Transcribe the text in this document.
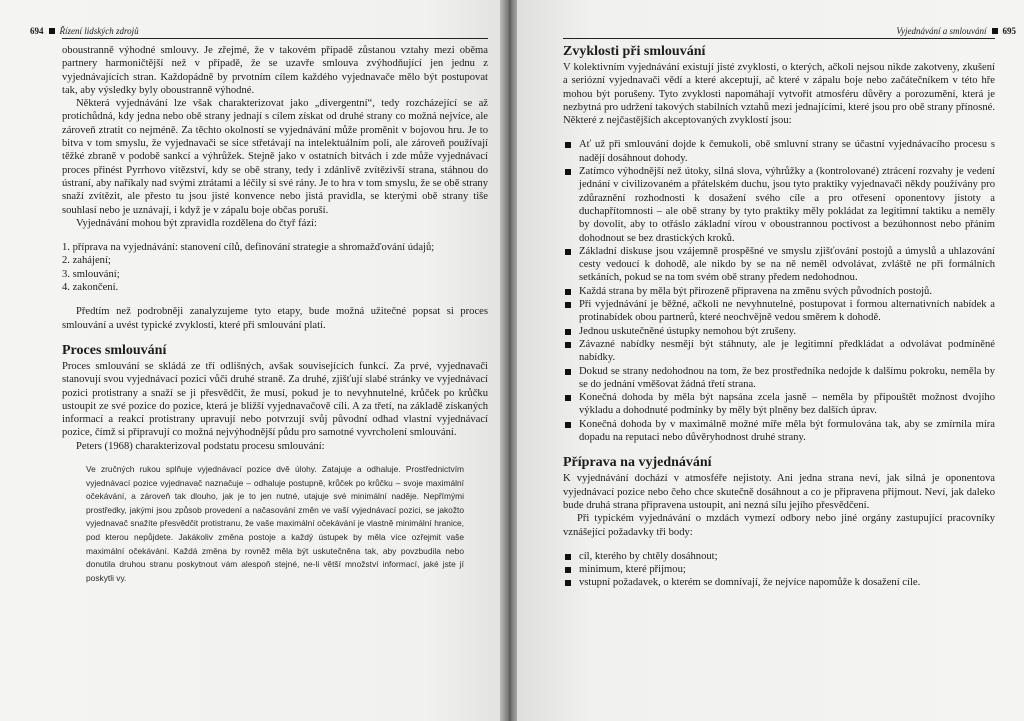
694 Řízení lidských zdrojů

oboustranně výhodné smlouvy. Je zřejmé, že v takovém případě zůstanou vztahy mezi oběma partnery harmoničtější než v případě, že se uzavře smlouva zvýhodňující jen jednu z vyjednávajících stran. Každopádně by prvotním cílem každého vyjednavače mělo být postupovat tak, aby výsledky byly oboustranně výhodné.

Některá vyjednávání lze však charakterizovat jako „divergentní“, tedy rozcházející se až protichůdná, kdy jedna nebo obě strany jednají s cílem získat od druhé strany co možná nejvíce, ale zároveň ztratit co nejméně. Za těchto okolností se vyjednávání může proměnit v bojovou hru. Je to bitva v tom smyslu, že vyjednavači se sice střetávají na intelektuálním poli, ale zároveň používají těžké zbraně v podobě sankcí a výhrůžek. Stejně jako v ostatních bitvách i zde může vyjednávací proces přinést Pyrrhovo vítězství, kdy se obě strany, tedy i zdánlivě zvítězivší strana, stáhnou do ústraní, aby naříkaly nad svými ztrátami a léčily si své rány. Je to hra v tom smyslu, že se obě strany snaží zvítězit, ale přesto tu jsou jisté konvence nebo jistá pravidla, se kterými obě strany tiše souhlasí nebo je uznávají, i když je v zápalu boje občas poruší.

Vyjednávání mohou být zpravidla rozdělena do čtyř fází:

1. příprava na vyjednávání: stanovení cílů, definování strategie a shromažďování údajů;
2. zahájení;
3. smlouvání;
4. zakončení.

Předtím než podrobněji zanalyzujeme tyto etapy, bude možná užitečné popsat si proces smlouvání a uvést typické zvyklosti, které při smlouvání platí.

Proces smlouvání

Proces smlouvání se skládá ze tří odlišných, avšak souvisejících funkcí. Za prvé, vyjednavači stanovují svou vyjednávací pozici vůči druhé straně. Za druhé, zjišťují slabé stránky ve vyjednávací pozici protistrany a snaží se ji přesvědčit, že musí, pokud je to nevyhnutelné, krůček po krůčku ustoupit ze své pozice do pozice, která je bližší vyjednavačově cíli. A za třetí, na základě získaných informací a reakcí protistrany upravují nebo potvrzují svůj původní odhad vlastní vyjednávací pozice, čímž si připravují co možná nejvýhodnější půdu pro samotné vyvrcholení smlouvání.

Peters (1968) charakterizoval podstatu procesu smlouvání:

Ve zručných rukou splňuje vyjednávací pozice dvě úlohy. Zatajuje a odhaluje. Prostřednictvím vyjednávací pozice vyjednavač naznačuje – odhaluje postupně, krůček po krůčku – svoje maximální očekávání, a zároveň tak dlouho, jak je to jen nutné, utajuje své minimální naděje. Nepřímými prostředky, jakými jsou způsob provedení a načasování změn ve vaší vyjednávací pozici, se jakožto vyjednavač snažíte přesvědčit protistranu, že vaše maximální očekávání je vlastně minimální hranice, pod kterou nepůjdete. Jakákoliv změna postoje a každý ústupek by měla více ozřejmit vaše maximální očekávání. Každá změna by rovněž měla být uskutečněna tak, aby povzbudila nebo donutila druhou stranu poskytnout vám alespoň stejné, ne-li větší množství informací, jaké jste jí poskytli vy.
Vyjednávání a smlouvání 695
Zvyklosti při smlouvání

V kolektivním vyjednávání existují jisté zvyklosti, o kterých, ačkoli nejsou nikde zakotveny, zkušení a seriózní vyjednavači vědí a které akceptují, ač které v zápalu boje nebo začátečníkem v této hře mohou být porušeny. Tyto zvyklosti napomáhají vytvořit atmosféru důvěry a porozumění, která je nezbytná pro udržení takových stabilních vztahů mezi jednajícími, které jsou pro obě strany přínosné. Některé z nejčastějších akceptovaných zvyklostí jsou:

Ať už při smlouvání dojde k čemukoli, obě smluvní strany se účastní vyjednávacího procesu s nadějí dosáhnout dohody.
Zatímco výhodnější než útoky, silná slova, výhrůžky a (kontrolované) ztrácení rozvahy je vedení jednání v civilizovaném a přátelském duchu, jsou tyto praktiky vyjednavači někdy používány pro zdůraznění rozhodnosti k dosažení svého cíle a pro otřesení oponentovy jistoty a duchapřítomnosti – ale obě strany by tyto praktiky měly pokládat za legitimní taktiku a neměly by dovolit, aby to otřáslo základní vírou v oboustrannou poctivost a bezúhonnost nebo přáním dohodnout se bez drastických kroků.
Základní diskuse jsou vzájemně prospěšné ve smyslu zjišťování postojů a úmyslů a uhlazování cesty vedoucí k dohodě, ale nikdo by se na ně neměl odvolávat, zvláště ne při formálních setkáních, pokud se na tom svém obě strany předem nedohodnou.
Každá strana by měla být přirozeně připravena na změnu svých původních postojů.
Při vyjednávání je běžné, ačkoli ne nevyhnutelné, postupovat i formou alternativních nabídek a protinabídek obou partnerů, které neochvějně vedou směrem k dohodě.
Jednou uskutečněné ústupky nemohou být zrušeny.
Závazné nabídky nesmějí být stáhnuty, ale je legitimní předkládat a odvolávat podmíněné nabídky.
Dokud se strany nedohodnou na tom, že bez prostředníka nedojde k dalšímu pokroku, neměla by se do jednání vměšovat žádná třetí strana.
Konečná dohoda by měla být napsána zcela jasně – neměla by připouštět možnost dvojího výkladu a dohodnuté podmínky by měly být plněny bez dalších úprav.
Konečná dohoda by v maximálně možné míře měla být formulována tak, aby se zmírnila míra dopadu na reputaci nebo důvěryhodnost druhé strany.
Příprava na vyjednávání

K vyjednávání dochází v atmosféře nejistoty. Ani jedna strana neví, jak silná je oponentova vyjednávací pozice nebo čeho chce skutečně dosáhnout a co je připravena přijmout. Neví, jak daleko bude druhá strana připravena ustoupit, ani nezná sílu jejího přesvědčení.

Při typickém vyjednávání o mzdách vymezí odbory nebo jiné orgány zastupující pracovníky vznášející požadavky tři body:

cíl, kterého by chtěly dosáhnout;
minimum, které přijmou;
vstupní požadavek, o kterém se domnívají, že nejvíce napomůže k dosažení cíle.
